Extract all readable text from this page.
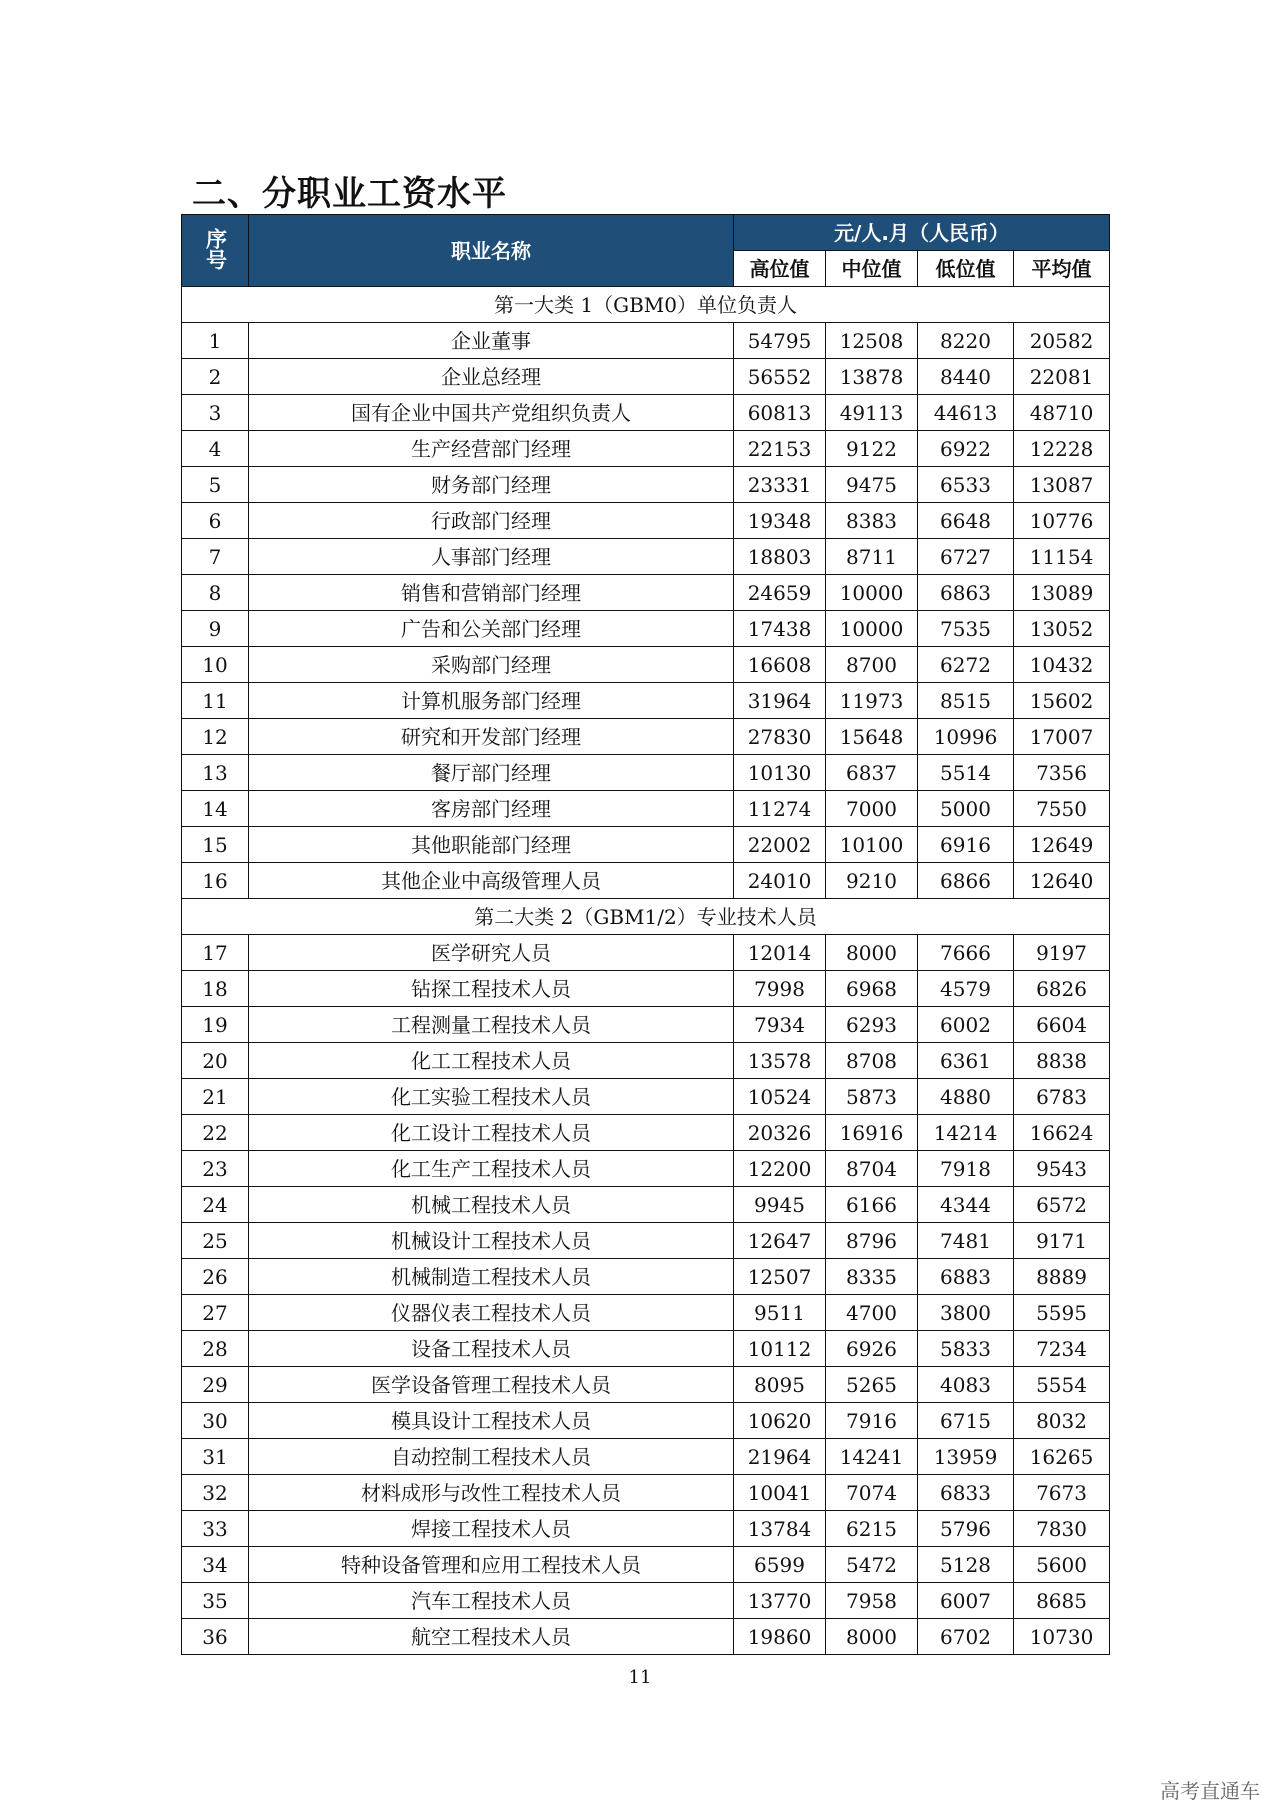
二、分职业工资水平
序号	职业名称	元/人.月（人民币）			
		高位值	中位值	低位值	平均值
第一大类 1（GBM0）单位负责人					
1	企业董事	54795	12508	8220	20582
2	企业总经理	56552	13878	8440	22081
3	国有企业中国共产党组织负责人	60813	49113	44613	48710
4	生产经营部门经理	22153	9122	6922	12228
5	财务部门经理	23331	9475	6533	13087
6	行政部门经理	19348	8383	6648	10776
7	人事部门经理	18803	8711	6727	11154
8	销售和营销部门经理	24659	10000	6863	13089
9	广告和公关部门经理	17438	10000	7535	13052
10	采购部门经理	16608	8700	6272	10432
11	计算机服务部门经理	31964	11973	8515	15602
12	研究和开发部门经理	27830	15648	10996	17007
13	餐厅部门经理	10130	6837	5514	7356
14	客房部门经理	11274	7000	5000	7550
15	其他职能部门经理	22002	10100	6916	12649
16	其他企业中高级管理人员	24010	9210	6866	12640
第二大类 2（GBM1/2）专业技术人员					
17	医学研究人员	12014	8000	7666	9197
18	钻探工程技术人员	7998	6968	4579	6826
19	工程测量工程技术人员	7934	6293	6002	6604
20	化工工程技术人员	13578	8708	6361	8838
21	化工实验工程技术人员	10524	5873	4880	6783
22	化工设计工程技术人员	20326	16916	14214	16624
23	化工生产工程技术人员	12200	8704	7918	9543
24	机械工程技术人员	9945	6166	4344	6572
25	机械设计工程技术人员	12647	8796	7481	9171
26	机械制造工程技术人员	12507	8335	6883	8889
27	仪器仪表工程技术人员	9511	4700	3800	5595
28	设备工程技术人员	10112	6926	5833	7234
29	医学设备管理工程技术人员	8095	5265	4083	5554
30	模具设计工程技术人员	10620	7916	6715	8032
31	自动控制工程技术人员	21964	14241	13959	16265
32	材料成形与改性工程技术人员	10041	7074	6833	7673
33	焊接工程技术人员	13784	6215	5796	7830
34	特种设备管理和应用工程技术人员	6599	5472	5128	5600
35	汽车工程技术人员	13770	7958	6007	8685
36	航空工程技术人员	19860	8000	6702	10730
11
高考直通车
